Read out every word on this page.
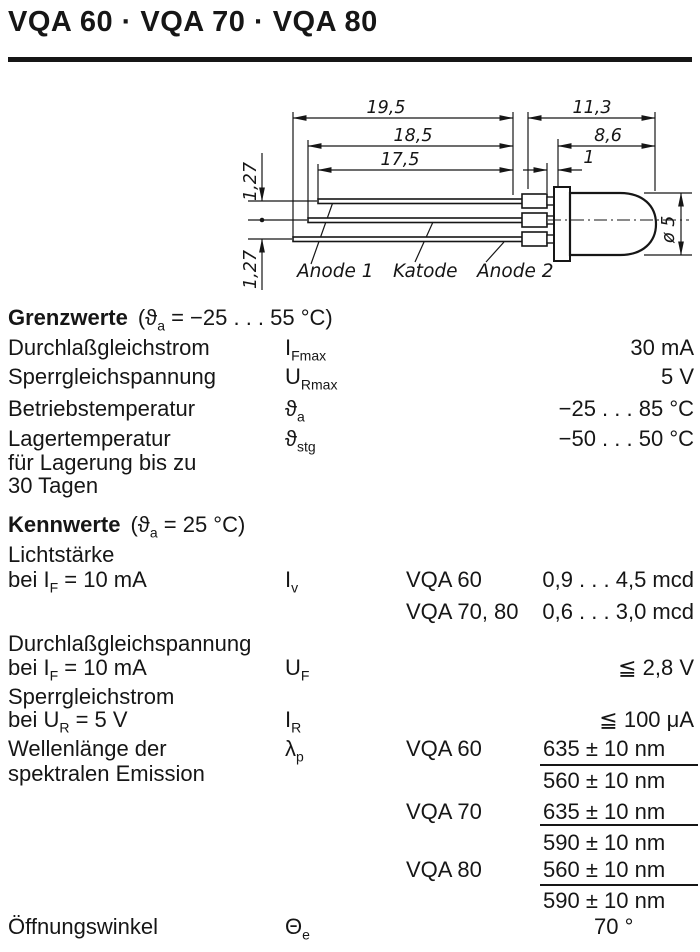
VQA 60 · VQA 70 · VQA 80
19,5	11,3
18,5	8,6
17,5	1
1,27
1,27
ø 5
Anode 1 Katode Anode 2
Grenzwerte ($ϑ_a = -25$ . . . 55 °C)
Durchlaßgleichstrom	$I_{Fmax}$	30 mA
Sperrgleichspannung	$U_{Rmax}$	5 V
Betriebstemperatur	$ϑ_a$	−25 . . . 85 °C
Lagertemperatur
für Lagerung bis zu
30 Tagen
$ϑ_{stg}$	−50 . . . 50 °C
Kennwerte ($ϑ_a = 25$ °C)
Lichtstärke
bei $I_F = 10$ mA	$I_v$	VQA 60	0,9 . . . 4,5 mcd
VQA 70, 80 0,6 . . . 3,0 mcd
Durchlaßgleichspannung
bei $I_F = 10$ mA	$U_F$	≦ 2,8 V
Sperrgleichstrom
bei $U_R = 5$ V	$I_R$	≦ 100 μA
Wellenlänge der
spektralen Emission
$\lambda_p$	VQA 60	635 ± 10 nm
560 ± 10 nm
VQA 70	635 ± 10 nm
590 ± 10 nm
VQA 80	560 ± 10 nm
590 ± 10 nm
Öffnungswinkel	$\Theta_e$	70 °
